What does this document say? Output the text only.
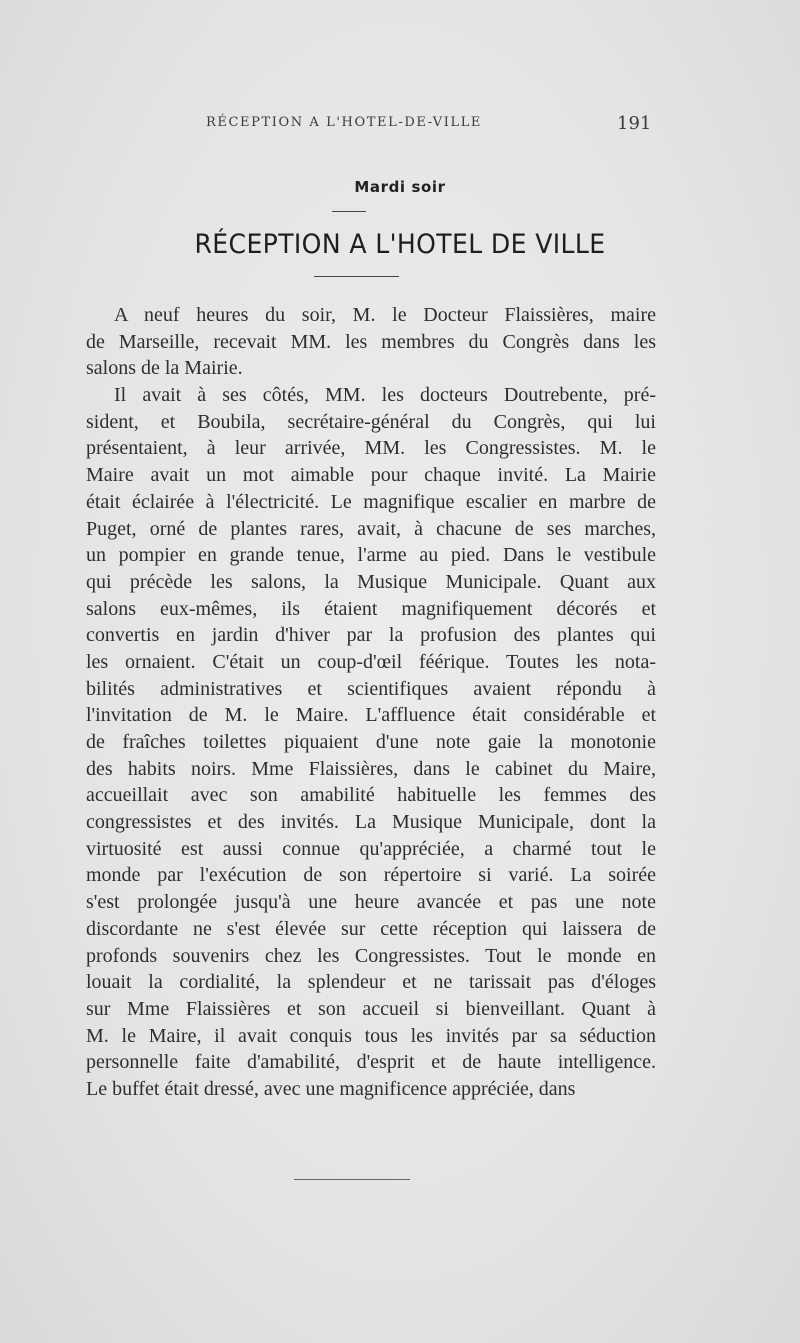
RÉCEPTION A L'HOTEL-DE-VILLE	191
Mardi soir
RÉCEPTION A L'HOTEL DE VILLE
A neuf heures du soir, M. le Docteur Flaissières, maire
de Marseille, recevait MM. les membres du Congrès dans les
salons de la Mairie.
Il avait à ses côtés, MM. les docteurs Doutrebente, pré-
sident, et Boubila, secrétaire-général du Congrès, qui lui
présentaient, à leur arrivée, MM. les Congressistes. M. le
Maire avait un mot aimable pour chaque invité. La Mairie
était éclairée à l'électricité. Le magnifique escalier en marbre de
Puget, orné de plantes rares, avait, à chacune de ses marches,
un pompier en grande tenue, l'arme au pied. Dans le vestibule
qui précède les salons, la Musique Municipale. Quant aux
salons eux-mêmes, ils étaient magnifiquement décorés et
convertis en jardin d'hiver par la profusion des plantes qui
les ornaient. C'était un coup-d'œil féérique. Toutes les nota-
bilités administratives et scientifiques avaient répondu à
l'invitation de M. le Maire. L'affluence était considérable et
de fraîches toilettes piquaient d'une note gaie la monotonie
des habits noirs. Mme Flaissières, dans le cabinet du Maire,
accueillait avec son amabilité habituelle les femmes des
congressistes et des invités. La Musique Municipale, dont la
virtuosité est aussi connue qu'appréciée, a charmé tout le
monde par l'exécution de son répertoire si varié. La soirée
s'est prolongée jusqu'à une heure avancée et pas une note
discordante ne s'est élevée sur cette réception qui laissera de
profonds souvenirs chez les Congressistes. Tout le monde en
louait la cordialité, la splendeur et ne tarissait pas d'éloges
sur Mme Flaissières et son accueil si bienveillant. Quant à
M. le Maire, il avait conquis tous les invités par sa séduction
personnelle faite d'amabilité, d'esprit et de haute intelligence.
Le buffet était dressé, avec une magnificence appréciée, dans
